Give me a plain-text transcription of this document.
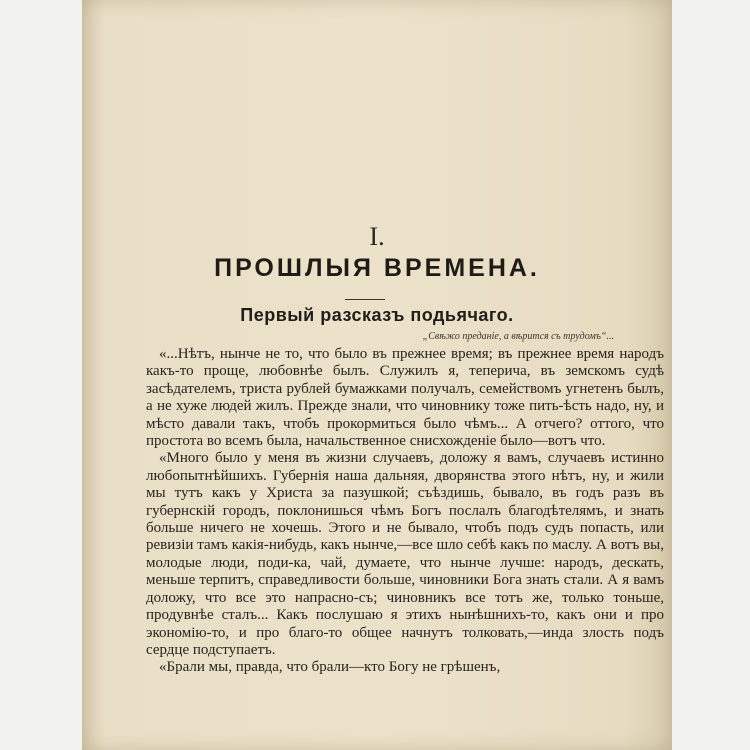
I.
ПРОШЛЫЯ ВРЕМЕНА.
Первый разсказъ подьячаго.
„Свѣжо преданіе, а вѣрится съ трудомъ“...

«...Нѣтъ, нынче не то, что было въ прежнее время; въ прежнее время народъ какъ-то проще, любовнѣе былъ. Служилъ я, теперича, въ земскомъ судѣ засѣдателемъ, триста рублей бумажками получалъ, семействомъ угнетенъ былъ, а не хуже людей жилъ. Прежде знали, что чиновнику тоже пить-ѣсть надо, ну, и мѣсто давали такъ, чтобъ прокормиться было чѣмъ... А отчего? оттого, что простота во всемъ была, начальственное снисхожденіе было—вотъ что.

«Много было у меня въ жизни случаевъ, доложу я вамъ, случаевъ истинно любопытнѣйшихъ. Губернія наша дальняя, дворянства этого нѣтъ, ну, и жили мы тутъ какъ у Христа за пазушкой; съѣздишь, бывало, въ годъ разъ въ губернскій городъ, поклонишься чѣмъ Богъ послалъ благодѣтелямъ, и знать больше ничего не хочешь. Этого и не бывало, чтобъ подъ судъ попасть, или ревизіи тамъ какія-нибудь, какъ нынче,—все шло себѣ какъ по маслу. А вотъ вы, молодые люди, поди-ка, чай, думаете, что нынче лучше: народъ, дескать, меньше терпитъ, справедливости больше, чиновники Бога знать стали. А я вамъ доложу, что все это напрасно-съ; чиновникъ все тотъ же, только тоньше, продувнѣе сталъ... Какъ послушаю я этихъ нынѣшнихъ-то, какъ они и про экономію-то, и про благо-то общее начнутъ толковать,—инда злость подъ сердце подступаетъ.

«Брали мы, правда, что брали—кто Богу не грѣшенъ,
